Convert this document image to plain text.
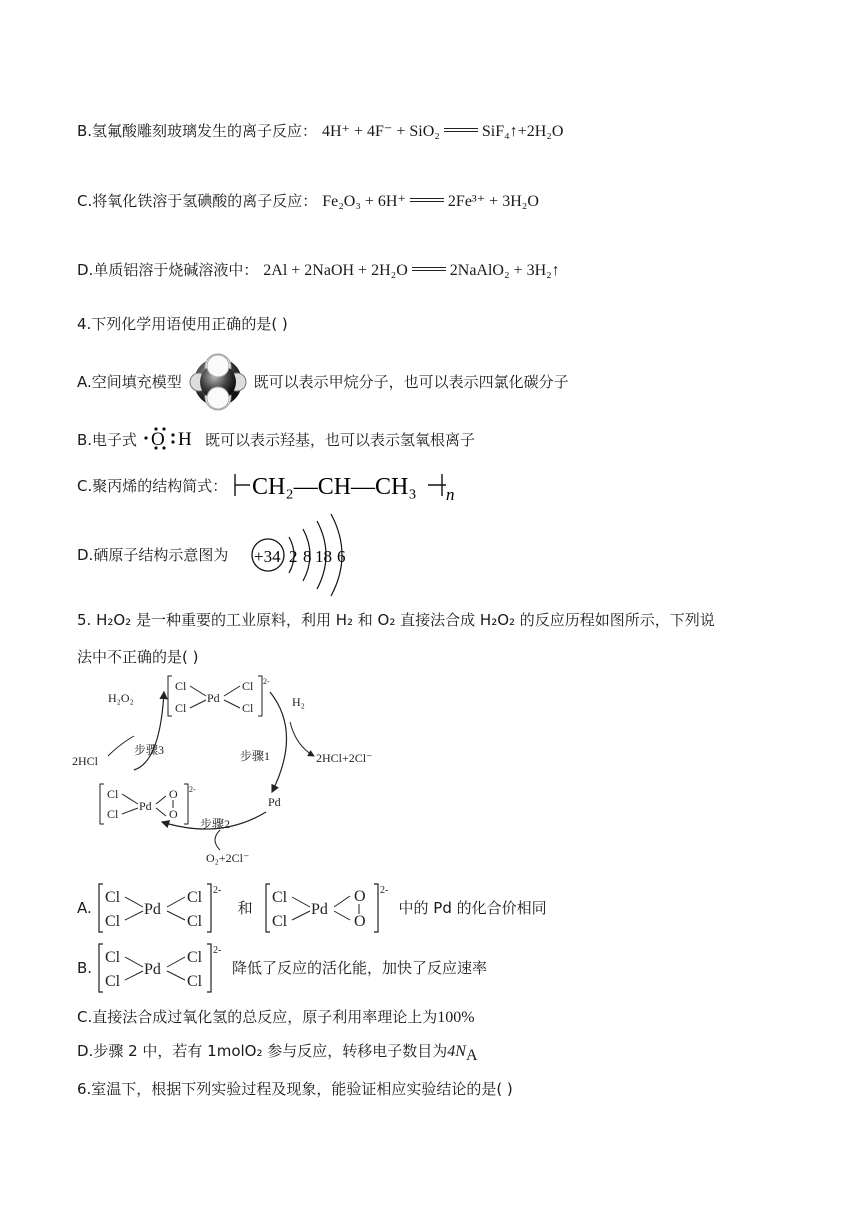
B.氢氟酸雕刻玻璃发生的离子反应： 4H⁺ + 4F⁻ + SiO₂	SiF₄↑+2H₂O
C.将氧化铁溶于氢碘酸的离子反应： Fe₂O₃ + 6H⁺	2Fe³⁺ + 3H₂O
D.单质铝溶于烧碱溶液中： 2Al + 2NaOH + 2H₂O	2NaAlO₂ + 3H₂↑
4.下列化学用语使用正确的是( )
A.空间填充模型	既可以表示甲烷分子，也可以表示四氯化碳分子
B.电子式 O H 既可以表示羟基，也可以表示氢氧根离子
C.聚丙烯的结构简式： CH₂—CH—CH₃ n
D.硒原子结构示意图为 +34 2 8 18 6
5. H₂O₂ 是一种重要的工业原料，利用 H₂ 和 O₂ 直接法合成 H₂O₂ 的反应历程如图所示，下列说
法中不正确的是( )
Cl
Cl
Pd
Cl
Cl
2-
H₂O₂	H₂
2HCl	2HCl+2Cl⁻
步骤3	步骤1
步骤2
Pd
O₂+2Cl⁻
Cl
Cl
Pd
O
O
2-
A.
Cl
Cl
Pd
Cl
Cl
2-
和
Cl
Cl
Pd
O
O
2-
中的 Pd 的化合价相同
B.
Cl
Cl
Pd
Cl
Cl
2-
降低了反应的活化能，加快了反应速率
C.直接法合成过氧化氢的总反应，原子利用率理论上为100%
D.步骤 2 中，若有 1molO₂ 参与反应，转移电子数目为$4N_A$
6.室温下，根据下列实验过程及现象，能验证相应实验结论的是( )
